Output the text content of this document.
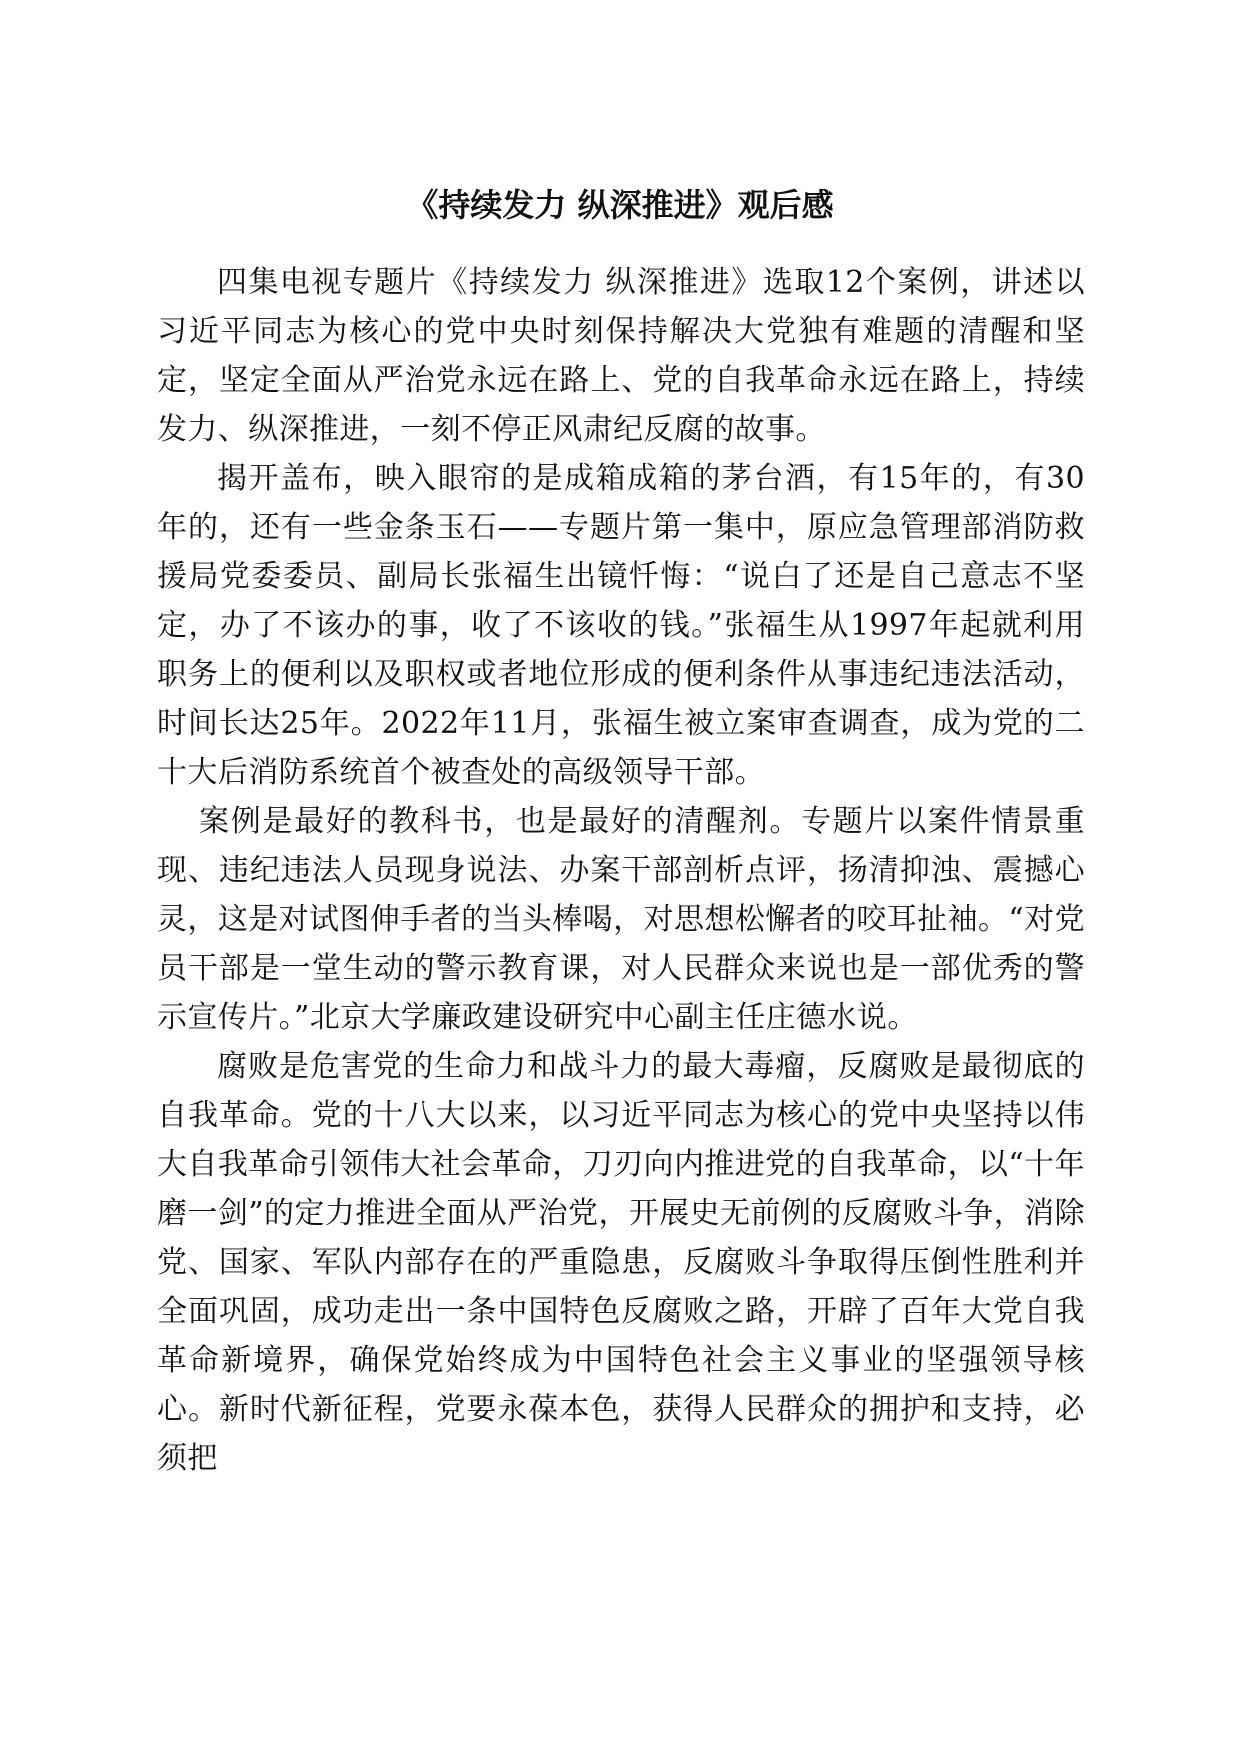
《持续发力 纵深推进》观后感

四集电视专题片《持续发力 纵深推进》选取12个案例，讲述以习近平同志为核心的党中央时刻保持解决大党独有难题的清醒和坚定，坚定全面从严治党永远在路上、党的自我革命永远在路上，持续发力、纵深推进，一刻不停正风肃纪反腐的故事。

揭开盖布，映入眼帘的是成箱成箱的茅台酒，有15年的，有30年的，还有一些金条玉石——专题片第一集中，原应急管理部消防救援局党委委员、副局长张福生出镜忏悔：“说白了还是自己意志不坚定，办了不该办的事，收了不该收的钱。”张福生从1997年起就利用职务上的便利以及职权或者地位形成的便利条件从事违纪违法活动，时间长达25年。2022年11月，张福生被立案审查调查，成为党的二十大后消防系统首个被查处的高级领导干部。

案例是最好的教科书，也是最好的清醒剂。专题片以案件情景重现、违纪违法人员现身说法、办案干部剖析点评，扬清抑浊、震撼心灵，这是对试图伸手者的当头棒喝，对思想松懈者的咬耳扯袖。“对党员干部是一堂生动的警示教育课，对人民群众来说也是一部优秀的警示宣传片。”北京大学廉政建设研究中心副主任庄德水说。

腐败是危害党的生命力和战斗力的最大毒瘤，反腐败是最彻底的自我革命。党的十八大以来，以习近平同志为核心的党中央坚持以伟大自我革命引领伟大社会革命，刀刃向内推进党的自我革命，以“十年磨一剑”的定力推进全面从严治党，开展史无前例的反腐败斗争，消除党、国家、军队内部存在的严重隐患，反腐败斗争取得压倒性胜利并全面巩固，成功走出一条中国特色反腐败之路，开辟了百年大党自我革命新境界，确保党始终成为中国特色社会主义事业的坚强领导核心。新时代新征程，党要永葆本色，获得人民群众的拥护和支持，必须把
